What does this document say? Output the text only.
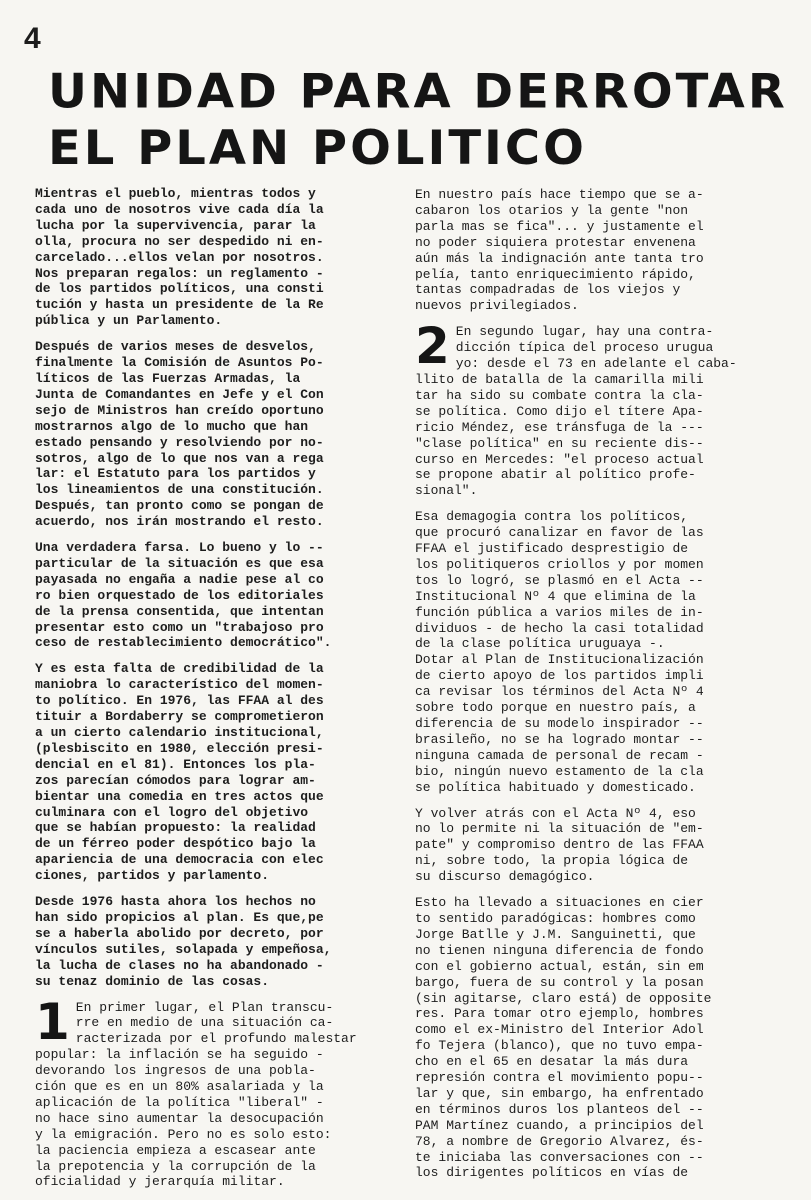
4
UNIDAD PARA DERROTAR
EL PLAN POLITICO
Mientras el pueblo, mientras todos y
cada uno de nosotros vive cada día la
lucha por la supervivencia, parar la
olla, procura no ser despedido ni en-
carcelado...ellos velan por nosotros.
Nos preparan regalos: un reglamento -
de los partidos políticos, una consti
tución y hasta un presidente de la Re
pública y un Parlamento.
Después de varios meses de desvelos,
finalmente la Comisión de Asuntos Po-
líticos de las Fuerzas Armadas, la
Junta de Comandantes en Jefe y el Con
sejo de Ministros han creído oportuno
mostrarnos algo de lo mucho que han
estado pensando y resolviendo por no-
sotros, algo de lo que nos van a rega
lar: el Estatuto para los partidos y
los lineamientos de una constitución.
Después, tan pronto como se pongan de
acuerdo, nos irán mostrando el resto.
Una verdadera farsa. Lo bueno y lo --
particular de la situación es que esa
payasada no engaña a nadie pese al co
ro bien orquestado de los editoriales
de la prensa consentida, que intentan
presentar esto como un "trabajoso pro
ceso de restablecimiento democrático".
Y es esta falta de credibilidad de la
maniobra lo característico del momen-
to político. En 1976, las FFAA al des
tituir a Bordaberry se comprometieron
a un cierto calendario institucional,
(plesbiscito en 1980, elección presi-
dencial en el 81). Entonces los pla-
zos parecían cómodos para lograr am-
bientar una comedia en tres actos que
culminara con el logro del objetivo
que se habían propuesto: la realidad
de un férreo poder despótico bajo la
apariencia de una democracia con elec
ciones, partidos y parlamento.
Desde 1976 hasta ahora los hechos no
han sido propicios al plan. Es que,pe
se a haberla abolido por decreto, por
vínculos sutiles, solapada y empeñosa,
la lucha de clases no ha abandonado -
su tenaz dominio de las cosas.
1 En primer lugar, el Plan transcu-
rre en medio de una situación ca-
racterizada por el profundo malestar
popular: la inflación se ha seguido -
devorando los ingresos de una pobla-
ción que es en un 80% asalariada y la
aplicación de la política "liberal" -
no hace sino aumentar la desocupación
y la emigración. Pero no es solo esto:
la paciencia empieza a escasear ante
la prepotencia y la corrupción de la
oficialidad y jerarquía militar.
En nuestro país hace tiempo que se a-
cabaron los otarios y la gente "non
parla mas se fica"... y justamente el
no poder siquiera protestar envenena
aún más la indignación ante tanta tro
pelía, tanto enriquecimiento rápido,
tantas compadradas de los viejos y
nuevos privilegiados.
2 En segundo lugar, hay una contra-
dicción típica del proceso urugua
yo: desde el 73 en adelante el caba-
llito de batalla de la camarilla mili
tar ha sido su combate contra la cla-
se política. Como dijo el títere Apa-
ricio Méndez, ese tránsfuga de la ---
"clase política" en su reciente dis--
curso en Mercedes: "el proceso actual
se propone abatir al político profe-
sional".
Esa demagogia contra los políticos,
que procuró canalizar en favor de las
FFAA el justificado desprestigio de
los politiqueros criollos y por momen
tos lo logró, se plasmó en el Acta --
Institucional Nº 4 que elimina de la
función pública a varios miles de in-
dividuos - de hecho la casi totalidad
de la clase política uruguaya -.
Dotar al Plan de Institucionalización
de cierto apoyo de los partidos impli
ca revisar los términos del Acta Nº 4
sobre todo porque en nuestro país, a
diferencia de su modelo inspirador --
brasileño, no se ha logrado montar --
ninguna camada de personal de recam -
bio, ningún nuevo estamento de la cla
se política habituado y domesticado.
Y volver atrás con el Acta Nº 4, eso
no lo permite ni la situación de "em-
pate" y compromiso dentro de las FFAA
ni, sobre todo, la propia lógica de
su discurso demagógico.
Esto ha llevado a situaciones en cier
to sentido paradógicas: hombres como
Jorge Batlle y J.M. Sanguinetti, que
no tienen ninguna diferencia de fondo
con el gobierno actual, están, sin em
bargo, fuera de su control y la posan
(sin agitarse, claro está) de opposite
res. Para tomar otro ejemplo, hombres
como el ex-Ministro del Interior Adol
fo Tejera (blanco), que no tuvo empa-
cho en el 65 en desatar la más dura
represión contra el movimiento popu--
lar y que, sin embargo, ha enfrentado
en términos duros los planteos del --
PAM Martínez cuando, a principios del
78, a nombre de Gregorio Alvarez, és-
te iniciaba las conversaciones con --
los dirigentes políticos en vías de
